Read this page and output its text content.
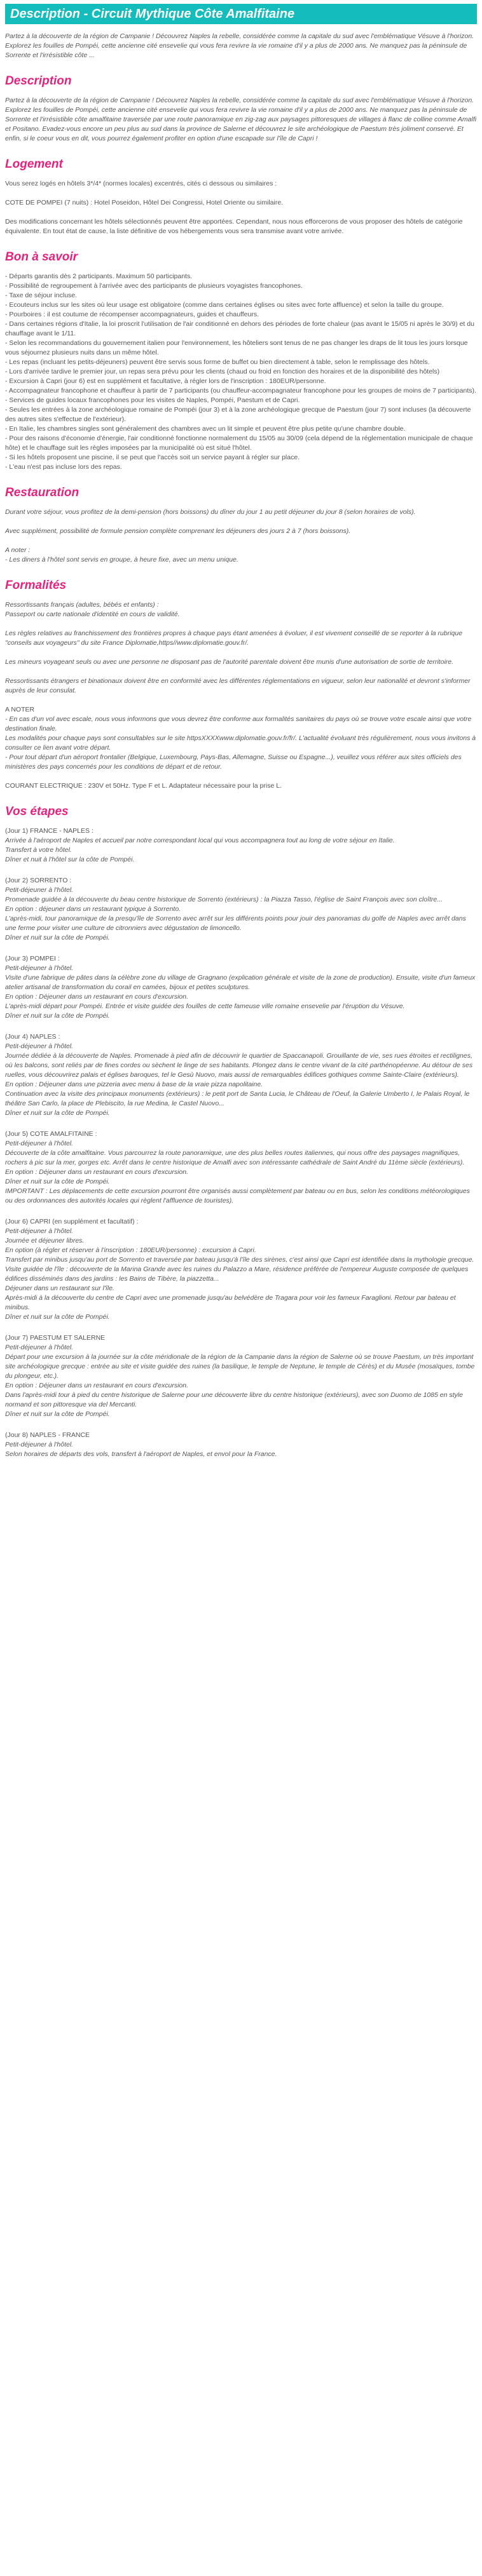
Description - Circuit Mythique Côte Amalfitaine

Partez à la découverte de la région de Campanie ! Découvrez Naples la rebelle, considérée comme la capitale du sud avec l'emblématique Vésuve à l'horizon. Explorez les fouilles de Pompéi, cette ancienne cité ensevelie qui vous fera revivre la vie romaine d'il y a plus de 2000 ans. Ne manquez pas la péninsule de Sorrente et l'irrésistible côte ...

Description

Partez à la découverte de la région de Campanie ! Découvrez Naples la rebelle, considérée comme la capitale du sud avec l'emblématique Vésuve à l'horizon. Explorez les fouilles de Pompéi, cette ancienne cité ensevelie qui vous fera revivre la vie romaine d'il y a plus de 2000 ans. Ne manquez pas la péninsule de Sorrente et l'irrésistible côte amalfitaine traversée par une route panoramique en zig-zag aux paysages pittoresques de villages à flanc de colline comme Amalfi et Positano. Evadez-vous encore un peu plus au sud dans la province de Salerne et découvrez le site archéologique de Paestum très joliment conservé. Et enfin, si le coeur vous en dit, vous pourrez également profiter en option d'une escapade sur l'île de Capri !

Logement

Vous serez logés en hôtels 3*/4* (normes locales) excentrés, cités ci dessous ou similaires :

COTE DE POMPEI (7 nuits) : Hotel Poseidon, Hôtel Dei Congressi, Hotel Oriente ou similaire.

Des modifications concernant les hôtels sélectionnés peuvent être apportées. Cependant, nous nous efforcerons de vous proposer des hôtels de catégorie équivalente. En tout état de cause, la liste définitive de vos hébergements vous sera transmise avant votre arrivée.

Bon à savoir
- Départs garantis dès 2 participants. Maximum 50 participants.
- Possibilité de regroupement à l'arrivée avec des participants de plusieurs voyagistes francophones.
- Taxe de séjour incluse.
- Ecouteurs inclus sur les sites où leur usage est obligatoire (comme dans certaines églises ou sites avec forte affluence) et selon la taille du groupe.
- Pourboires : il est coutume de récompenser accompagnateurs, guides et chauffeurs.
- Dans certaines régions d'Italie, la loi proscrit l'utilisation de l'air conditionné en dehors des périodes de forte chaleur (pas avant le 15/05 ni après le 30/9) et du chauffage avant le 1/11.
- Selon les recommandations du gouvernement italien pour l'environnement, les hôteliers sont tenus de ne pas changer les draps de lit tous les jours lorsque vous séjournez plusieurs nuits dans un même hôtel.
- Les repas (incluant les petits-déjeuners) peuvent être servis sous forme de buffet ou bien directement à table, selon le remplissage des hôtels.
- Lors d'arrivée tardive le premier jour, un repas sera prévu pour les clients (chaud ou froid en fonction des horaires et de la disponibilité des hôtels)
- Excursion à Capri (jour 6) est en supplément et facultative, à régler lors de l'inscription : 180EUR/personne.
- Accompagnateur francophone et chauffeur à partir de 7 participants (ou chauffeur-accompagnateur francophone pour les groupes de moins de 7 participants).
- Services de guides locaux francophones pour les visites de Naples, Pompéi, Paestum et de Capri.
- Seules les entrées à la zone archéologique romaine de Pompéi (jour 3) et à la zone archéologique grecque de Paestum (jour 7) sont incluses (la découverte des autres sites s'effectue de l'extérieur).
- En Italie, les chambres singles sont généralement des chambres avec un lit simple et peuvent être plus petite qu'une chambre double.
- Pour des raisons d'économie d'énergie, l'air conditionné fonctionne normalement du 15/05 au 30/09 (cela dépend de la réglementation municipale de chaque hôte) et le chauffage suit les règles imposées par la municipalité où est situé l'hôtel.
- Si les hôtels proposent une piscine, il se peut que l'accès soit un service payant à régler sur place.
- L'eau n'est pas incluse lors des repas.
Restauration

Durant votre séjour, vous profitez de la demi-pension (hors boissons) du dîner du jour 1 au petit déjeuner du jour 8 (selon horaires de vols).

Avec supplément, possibilité de formule pension complète comprenant les déjeuners des jours 2 à 7 (hors boissons).

A noter :

- Les diners à l'hôtel sont servis en groupe, à heure fixe, avec un menu unique.

Formalités
Ressortissants français (adultes, bébés et enfants) :

Passeport ou carte nationale d'identité en cours de validité.

Les règles relatives au franchissement des frontières propres à chaque pays étant amenées à évoluer, il est vivement conseillé de se reporter à la rubrique "conseils aux voyageurs" du site France Diplomatie,https//www.diplomatie.gouv.fr/.

Les mineurs voyageant seuls ou avec une personne ne disposant pas de l'autorité parentale doivent être munis d'une autorisation de sortie de territoire.

Ressortissants étrangers et binationaux doivent être en conformité avec les différentes réglementations en vigueur, selon leur nationalité et devront s'informer auprès de leur consulat.

A NOTER
- En cas d'un vol avec escale, nous vous informons que vous devrez être conforme aux formalités sanitaires du pays où se trouve votre escale ainsi que votre destination finale.
Les modalités pour chaque pays sont consultables sur le site httpsXXXXwww.diplomatie.gouv.fr/fr/. L'actualité évoluant très régulièrement, nous vous invitons à consulter ce lien avant votre départ.

- Pour tout départ d'un aéroport frontalier (Belgique, Luxembourg, Pays-Bas, Allemagne, Suisse ou Espagne...), veuillez vous référer aux sites officiels des ministères des pays concernés pour les conditions de départ et de retour.

COURANT ELECTRIQUE : 230V et 50Hz. Type F et L. Adaptateur nécessaire pour la prise L.

Vos étapes
(Jour 1) FRANCE - NAPLES :
Arrivée à l'aéroport de Naples et accueil par notre correspondant local qui vous accompagnera tout au long de votre séjour en Italie.
Transfert à votre hôtel.
Dîner et nuit à l'hôtel sur la côte de Pompéi.
(Jour 2) SORRENTO :
Petit-déjeuner à l'hôtel.
Promenade guidée à la découverte du beau centre historique de Sorrento (extérieurs) : la Piazza Tasso, l'église de Saint François avec son cloître...
En option : déjeuner dans un restaurant typique à Sorrento.
L'après-midi, tour panoramique de la presqu'île de Sorrento avec arrêt sur les différents points pour jouir des panoramas du golfe de Naples avec arrêt dans une ferme pour visiter une culture de citronniers avec dégustation de limoncello.
Dîner et nuit sur la côte de Pompéi.
(Jour 3) POMPEI :
Petit-déjeuner à l'hôtel.
Visite d'une fabrique de pâtes dans la célèbre zone du village de Gragnano (explication générale et visite de la zone de production). Ensuite, visite d'un fameux atelier artisanal de transformation du corail en camées, bijoux et petites sculptures.
En option : Déjeuner dans un restaurant en cours d'excursion.
L'après-midi départ pour Pompéi. Entrée et visite guidée des fouilles de cette fameuse ville romaine ensevelie par l'éruption du Vésuve.
Dîner et nuit sur la côte de Pompéi.
(Jour 4) NAPLES :
Petit-déjeuner à l'hôtel.
Journée dédiée à la découverte de Naples. Promenade à pied afin de découvrir le quartier de Spaccanapoli. Grouillante de vie, ses rues étroites et rectilignes, où les balcons, sont reliés par de fines cordes ou sèchent le linge de ses habitants. Plongez dans le centre vivant de la cité parthénopéenne. Au détour de ses ruelles, vous découvrirez palais et églises baroques, tel le Gesù Nuovo, mais aussi de remarquables édifices gothiques comme Sainte-Claire (extérieurs).
En option : Déjeuner dans une pizzeria avec menu à base de la vraie pizza napolitaine.
Continuation avec la visite des principaux monuments (extérieurs) : le petit port de Santa Lucia, le Château de l'Oeuf, la Galerie Umberto I, le Palais Royal, le théâtre San Carlo, la place de Plebiscito, la rue Medina, le Castel Nuovo...
Dîner et nuit sur la côte de Pompéi.
(Jour 5) COTE AMALFITAINE :
Petit-déjeuner à l'hôtel.
Découverte de la côte amalfitaine. Vous parcourrez la route panoramique, une des plus belles routes italiennes, qui nous offre des paysages magnifiques, rochers à pic sur la mer, gorges etc. Arrêt dans le centre historique de Amalfi avec son intéressante cathédrale de Saint André du 11ème siècle (extérieurs).
En option : Déjeuner dans un restaurant en cours d'excursion.
Dîner et nuit sur la côte de Pompéi.
IMPORTANT : Les déplacements de cette excursion pourront être organisés aussi complètement par bateau ou en bus, selon les conditions météorologiques ou des ordonnances des autorités locales qui règlent l'affluence de touristes).
(Jour 6) CAPRI (en supplément et facultatif) :
Petit-déjeuner à l'hôtel.
Journée et déjeuner libres.
En option (à régler et réserver à l'inscription : 180EUR/personne) : excursion à Capri.
Transfert par minibus jusqu'au port de Sorrento et traversée par bateau jusqu'à l'île des sirènes, c'est ainsi que Capri est identifiée dans la mythologie grecque. Visite guidée de l'île : découverte de la Marina Grande avec les ruines du Palazzo a Mare, résidence préférée de l'empereur Auguste composée de quelques édifices disséminés dans des jardins : les Bains de Tibère, la piazzetta...
Déjeuner dans un restaurant sur l'île.
Après-midi à la découverte du centre de Capri avec une promenade jusqu'au belvédère de Tragara pour voir les fameux Faraglioni. Retour par bateau et minibus.
Dîner et nuit sur la côte de Pompéi.
(Jour 7) PAESTUM ET SALERNE
Petit-déjeuner à l'hôtel.
Départ pour une excursion à la journée sur la côte méridionale de la région de la Campanie dans la région de Salerne où se trouve Paestum, un très important site archéologique grecque : entrée au site et visite guidée des ruines (la basilique, le temple de Neptune, le temple de Cérès) et du Musée (mosaïques, tombe du plongeur, etc.).
En option : Déjeuner dans un restaurant en cours d'excursion.
Dans l'après-midi tour à pied du centre historique de Salerne pour une découverte libre du centre historique (extérieurs), avec son Duomo de 1085 en style normand et son pittoresque via del Mercanti.
Dîner et nuit sur la côte de Pompéi.
(Jour 8) NAPLES - FRANCE
Petit-déjeuner à l'hôtel.
Selon horaires de départs des vols, transfert à l'aéroport de Naples, et envol pour la France.
